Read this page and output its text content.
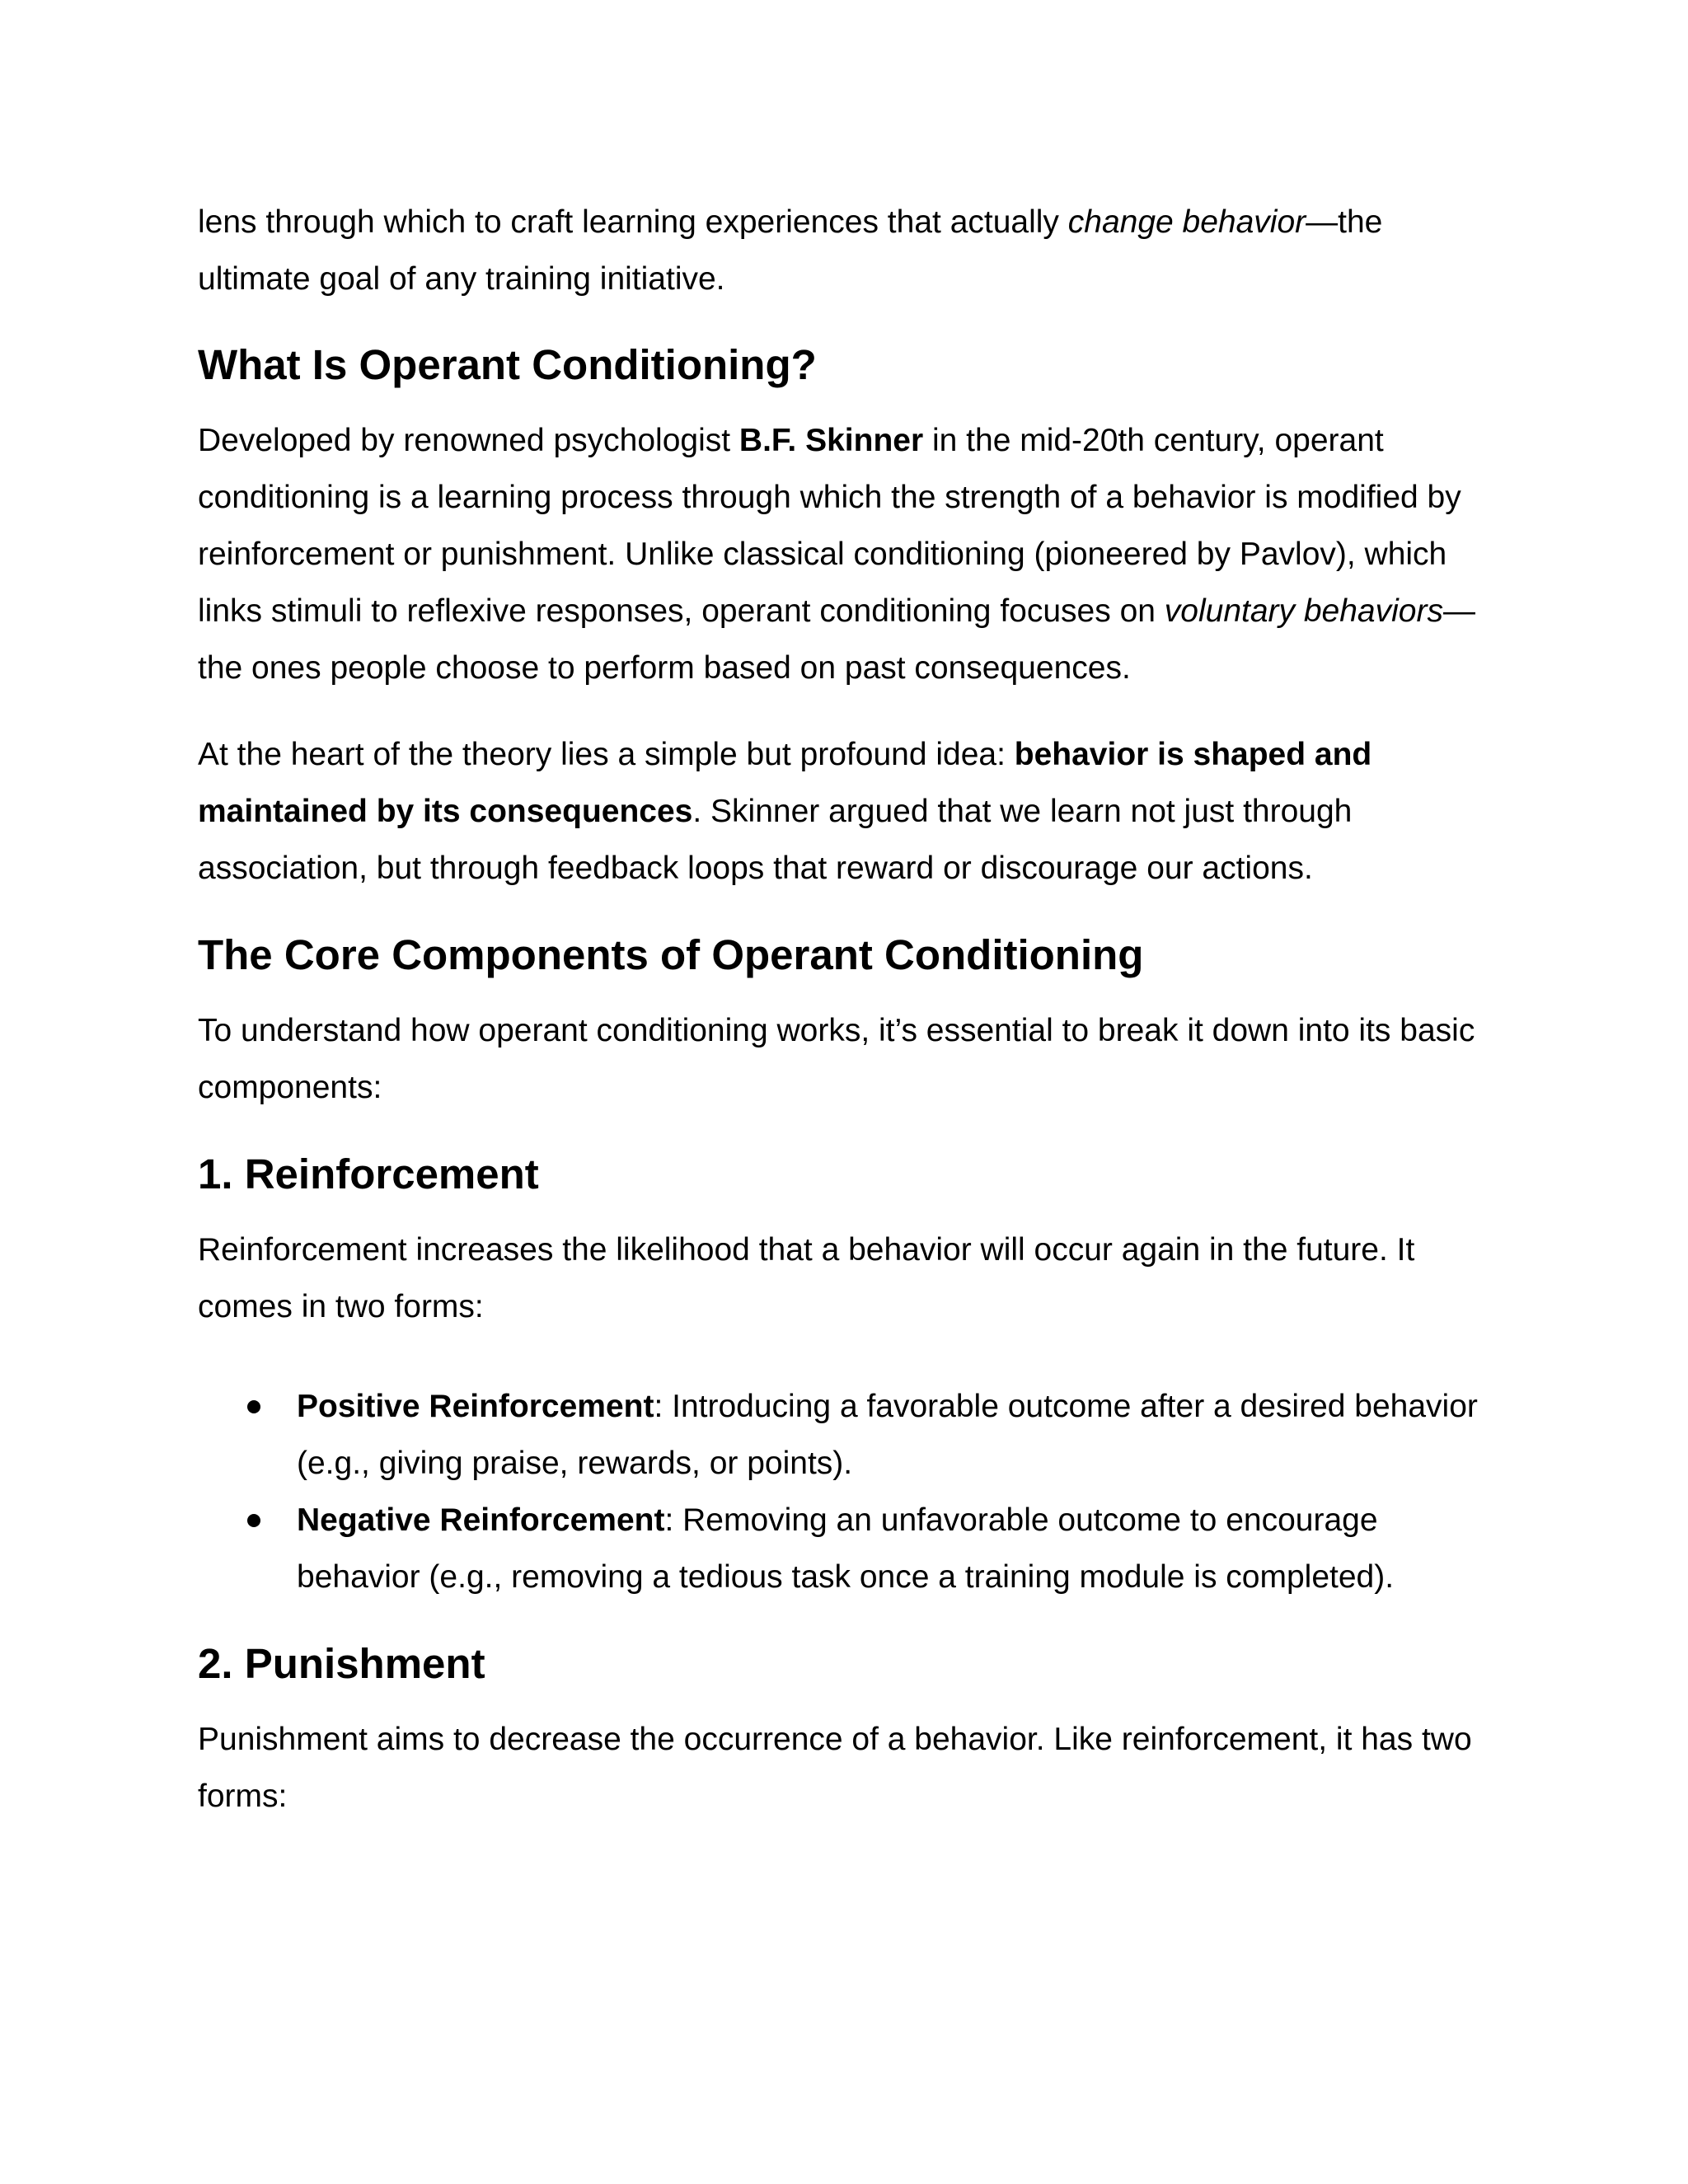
lens through which to craft learning experiences that actually change behavior—the ultimate goal of any training initiative.

What Is Operant Conditioning?

Developed by renowned psychologist B.F. Skinner in the mid-20th century, operant conditioning is a learning process through which the strength of a behavior is modified by reinforcement or punishment. Unlike classical conditioning (pioneered by Pavlov), which links stimuli to reflexive responses, operant conditioning focuses on voluntary behaviors—the ones people choose to perform based on past consequences.

At the heart of the theory lies a simple but profound idea: behavior is shaped and maintained by its consequences. Skinner argued that we learn not just through association, but through feedback loops that reward or discourage our actions.

The Core Components of Operant Conditioning

To understand how operant conditioning works, it’s essential to break it down into its basic components:

1. Reinforcement

Reinforcement increases the likelihood that a behavior will occur again in the future. It comes in two forms:

Positive Reinforcement: Introducing a favorable outcome after a desired behavior (e.g., giving praise, rewards, or points).
Negative Reinforcement: Removing an unfavorable outcome to encourage behavior (e.g., removing a tedious task once a training module is completed).
2. Punishment

Punishment aims to decrease the occurrence of a behavior. Like reinforcement, it has two forms:
